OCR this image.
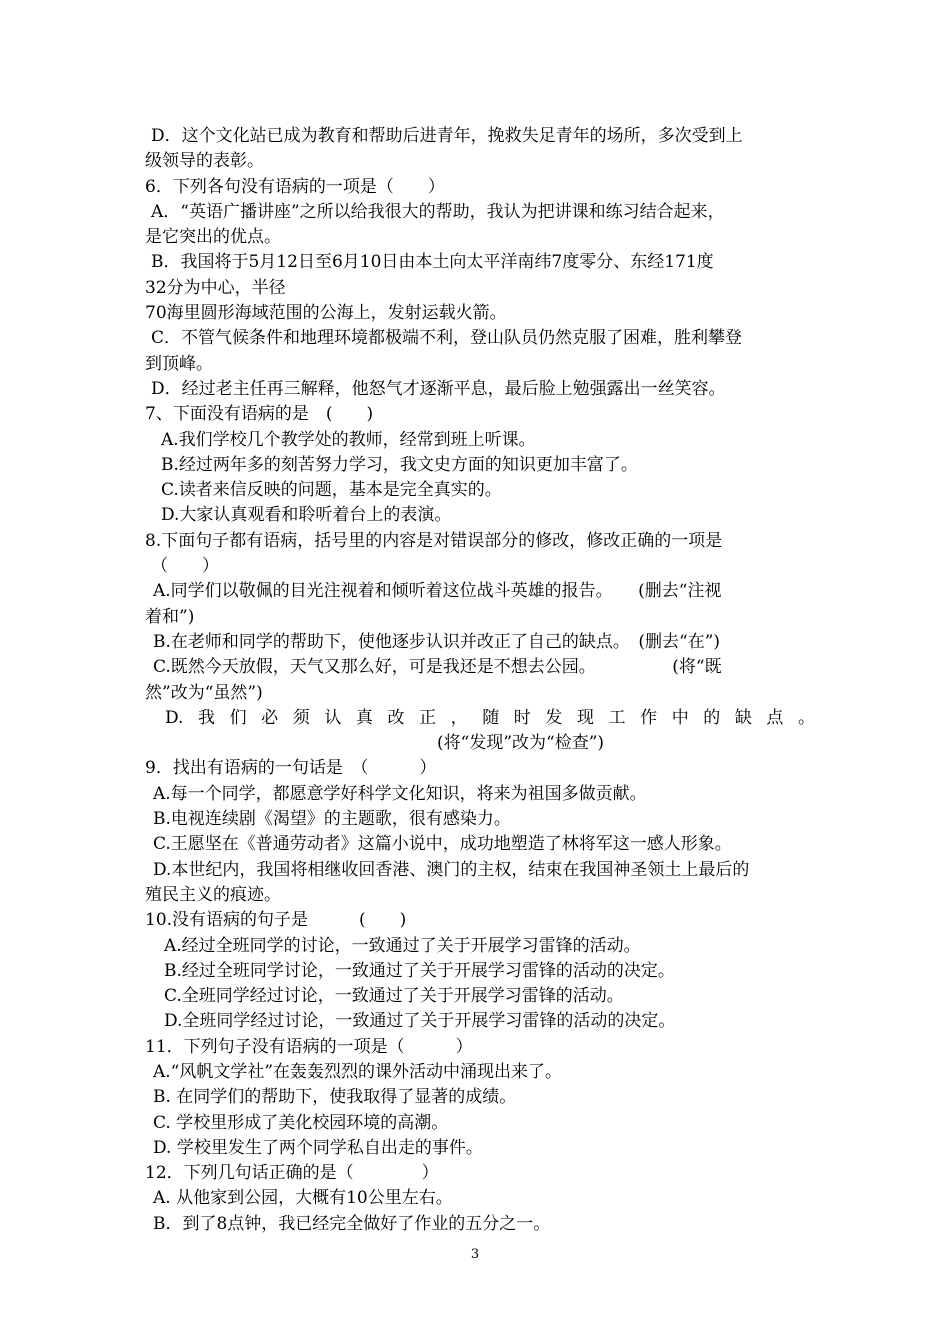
D．这个文化站已成为教育和帮助后进青年，挽救失足青年的场所，多次受到上
级领导的表彰。
6．下列各句没有语病的一项是（　　）
A．“英语广播讲座”之所以给我很大的帮助，我认为把讲课和练习结合起来，
是它突出的优点。
B．我国将于5月12日至6月10日由本土向太平洋南纬7度零分、东经171度
32分为中心，半径
70海里圆形海域范围的公海上，发射运载火箭。
C．不管气候条件和地理环境都极端不利，登山队员仍然克服了困难，胜利攀登
到顶峰。
D．经过老主任再三解释，他怒气才逐渐平息，最后脸上勉强露出一丝笑容。
7、下面没有语病的是　(　　)
A.我们学校几个教学处的教师，经常到班上听课。
B.经过两年多的刻苦努力学习，我文史方面的知识更加丰富了。
C.读者来信反映的问题，基本是完全真实的。
D.大家认真观看和聆听着台上的表演。
8.下面句子都有语病，括号里的内容是对错误部分的修改，修改正确的一项是
（　　）
A.同学们以敬佩的目光注视着和倾听着这位战斗英雄的报告。　　(删去“注视
着和”)
B.在老师和同学的帮助下，使他逐步认识并改正了自己的缺点。　(删去“在”)
C.既然今天放假，天气又那么好，可是我还是不想去公园。　　　　　(将“既
然”改为“虽然”)
D. 我 们 必 须 认 真 改 正 ， 随 时 发 现 工 作 中 的 缺 点 。
(将“发现”改为“检查”)
9．找出有语病的一句话是　（　　　）
A.每一个同学，都愿意学好科学文化知识，将来为祖国多做贡献。
B.电视连续剧《渴望》的主题歌，很有感染力。
C.王愿坚在《普通劳动者》这篇小说中，成功地塑造了林将军这一感人形象。
D.本世纪内，我国将相继收回香港、澳门的主权，结束在我国神圣领土上最后的
殖民主义的痕迹。
10.没有语病的句子是　　　(　　)
A.经过全班同学的讨论，一致通过了关于开展学习雷锋的活动。
B.经过全班同学讨论，一致通过了关于开展学习雷锋的活动的决定。
C.全班同学经过讨论，一致通过了关于开展学习雷锋的活动。
D.全班同学经过讨论，一致通过了关于开展学习雷锋的活动的决定。
11．下列句子没有语病的一项是（　　　）
A.“风帆文学社”在轰轰烈烈的课外活动中涌现出来了。
B. 在同学们的帮助下，使我取得了显著的成绩。
C. 学校里形成了美化校园环境的高潮。
D. 学校里发生了两个同学私自出走的事件。
12．下列几句话正确的是（　　　　）
A. 从他家到公园，大概有10公里左右。
B．到了8点钟，我已经完全做好了作业的五分之一。
3
